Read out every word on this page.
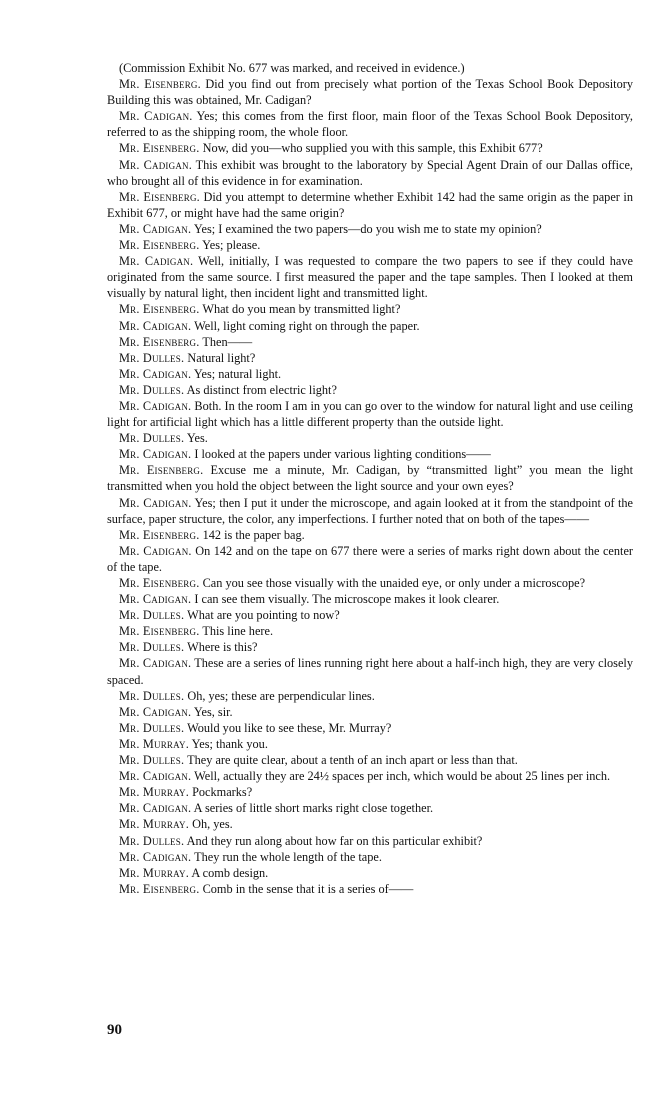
(Commission Exhibit No. 677 was marked, and received in evidence.)

Mr. Eisenberg. Did you find out from precisely what portion of the Texas School Book Depository Building this was obtained, Mr. Cadigan?

Mr. Cadigan. Yes; this comes from the first floor, main floor of the Texas School Book Depository, referred to as the shipping room, the whole floor.

Mr. Eisenberg. Now, did you—who supplied you with this sample, this Exhibit 677?

Mr. Cadigan. This exhibit was brought to the laboratory by Special Agent Drain of our Dallas office, who brought all of this evidence in for examination.

Mr. Eisenberg. Did you attempt to determine whether Exhibit 142 had the same origin as the paper in Exhibit 677, or might have had the same origin?

Mr. Cadigan. Yes; I examined the two papers—do you wish me to state my opinion?

Mr. Eisenberg. Yes; please.

Mr. Cadigan. Well, initially, I was requested to compare the two papers to see if they could have originated from the same source. I first measured the paper and the tape samples. Then I looked at them visually by natural light, then incident light and transmitted light.

Mr. Eisenberg. What do you mean by transmitted light?

Mr. Cadigan. Well, light coming right on through the paper.

Mr. Eisenberg. Then——

Mr. Dulles. Natural light?

Mr. Cadigan. Yes; natural light.

Mr. Dulles. As distinct from electric light?

Mr. Cadigan. Both. In the room I am in you can go over to the window for natural light and use ceiling light for artificial light which has a little different property than the outside light.

Mr. Dulles. Yes.

Mr. Cadigan. I looked at the papers under various lighting conditions——

Mr. Eisenberg. Excuse me a minute, Mr. Cadigan, by “transmitted light” you mean the light transmitted when you hold the object between the light source and your own eyes?

Mr. Cadigan. Yes; then I put it under the microscope, and again looked at it from the standpoint of the surface, paper structure, the color, any imperfections. I further noted that on both of the tapes——

Mr. Eisenberg. 142 is the paper bag.

Mr. Cadigan. On 142 and on the tape on 677 there were a series of marks right down about the center of the tape.

Mr. Eisenberg. Can you see those visually with the unaided eye, or only under a microscope?

Mr. Cadigan. I can see them visually. The microscope makes it look clearer.

Mr. Dulles. What are you pointing to now?

Mr. Eisenberg. This line here.

Mr. Dulles. Where is this?

Mr. Cadigan. These are a series of lines running right here about a half-inch high, they are very closely spaced.

Mr. Dulles. Oh, yes; these are perpendicular lines.

Mr. Cadigan. Yes, sir.

Mr. Dulles. Would you like to see these, Mr. Murray?

Mr. Murray. Yes; thank you.

Mr. Dulles. They are quite clear, about a tenth of an inch apart or less than that.

Mr. Cadigan. Well, actually they are 24½ spaces per inch, which would be about 25 lines per inch.

Mr. Murray. Pockmarks?

Mr. Cadigan. A series of little short marks right close together.

Mr. Murray. Oh, yes.

Mr. Dulles. And they run along about how far on this particular exhibit?

Mr. Cadigan. They run the whole length of the tape.

Mr. Murray. A comb design.

Mr. Eisenberg. Comb in the sense that it is a series of——

90
